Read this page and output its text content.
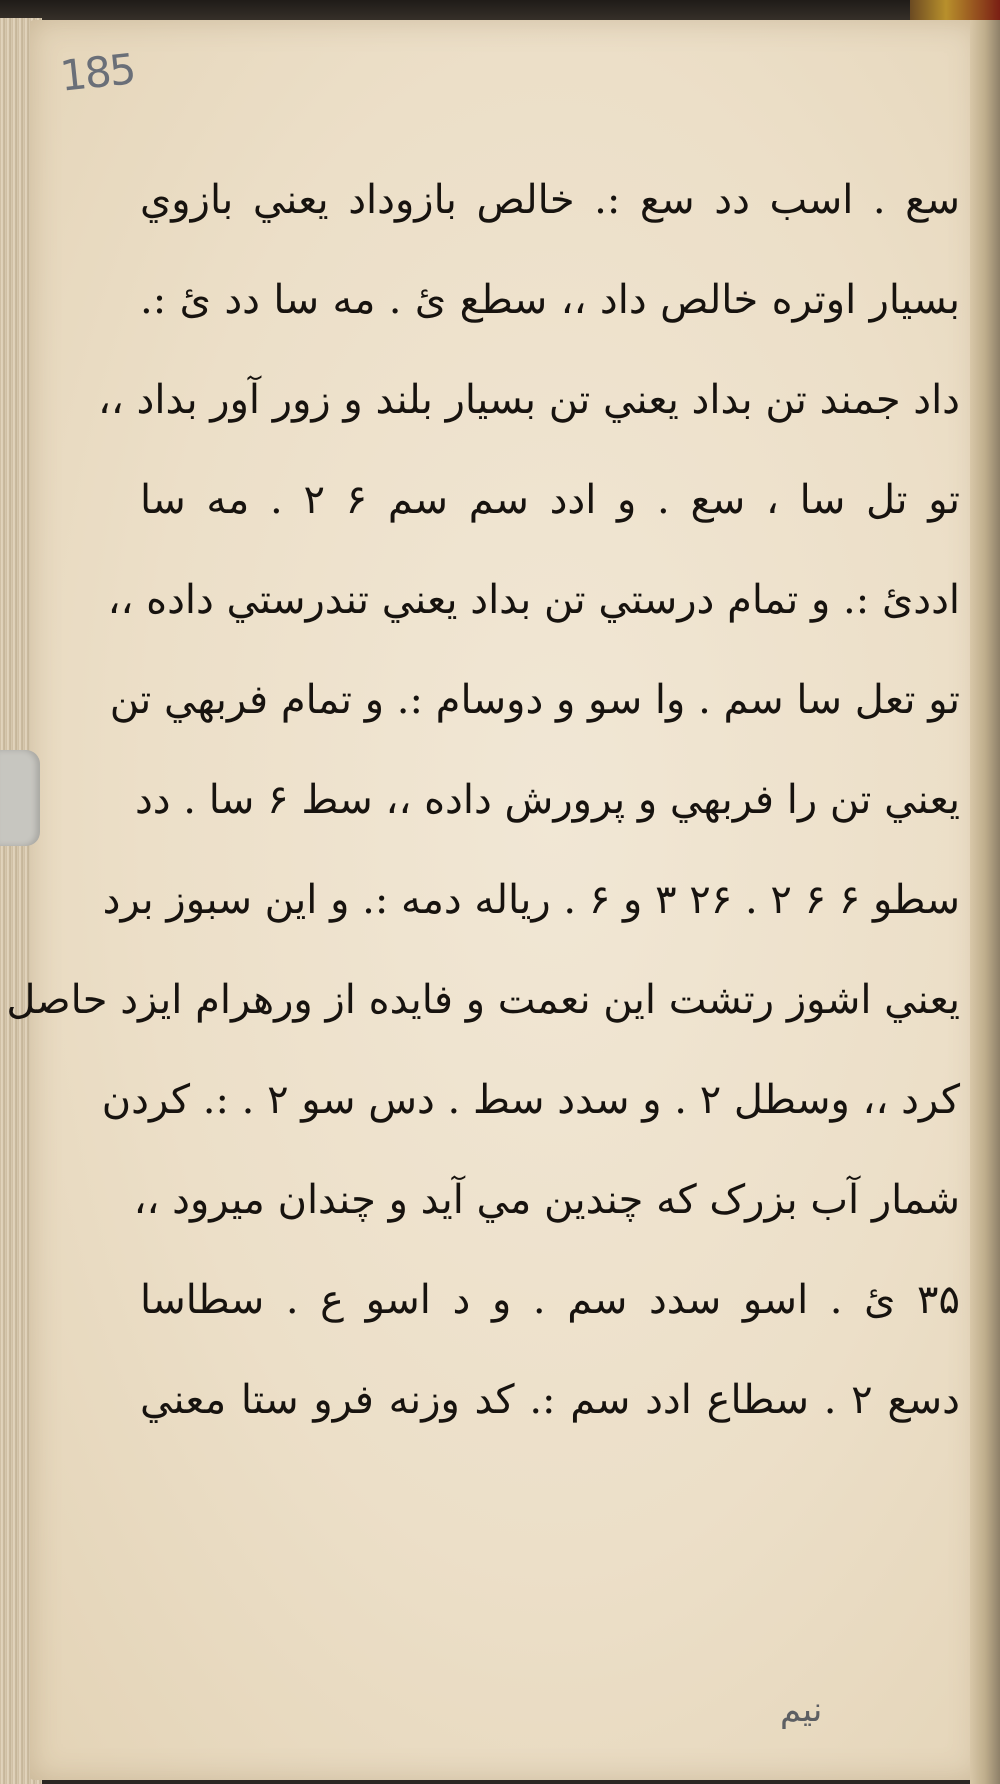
185
سع . اسب دد سع :. خالص بازوداد یعني بازوي
بسیار اوتره خالص داد ،، سطع ئ . مه سا دد ئ :.
داد جمند تن بداد یعني تن بسیار بلند و زور آور بداد ،،
تو تل سا ، سع . و ادد سم سم ۶ ۲ . مه سا
اددئ :. و تمام درستي تن بداد یعني تندرستي داده ،،
تو تعل سا سم . وا سو و دوسام :. و تمام فربهي تن
یعني تن را فربهي و پرورش داده ،، سط ۶ سا . دد
سطو ۶ ۶ ۲ . ۲۶ ۳ و ۶ . ریاله دمه :. و این سبوز برد
یعني اشوز رتشت این نعمت و فایده از ورهرام ایزد حاصل
کرد ،، وسطل ۲ . و سدد سط . دس سو ۲ . :. کردن
شمار آب بزرک که چندین مي آید و چندان میرود ،،
۳۵ ئ . اسو سدد سم . و د اسو ع . سطاسا
دسع ۲ . سطاع ادد سم :. کد وزنه فرو ستا معني
نیم
